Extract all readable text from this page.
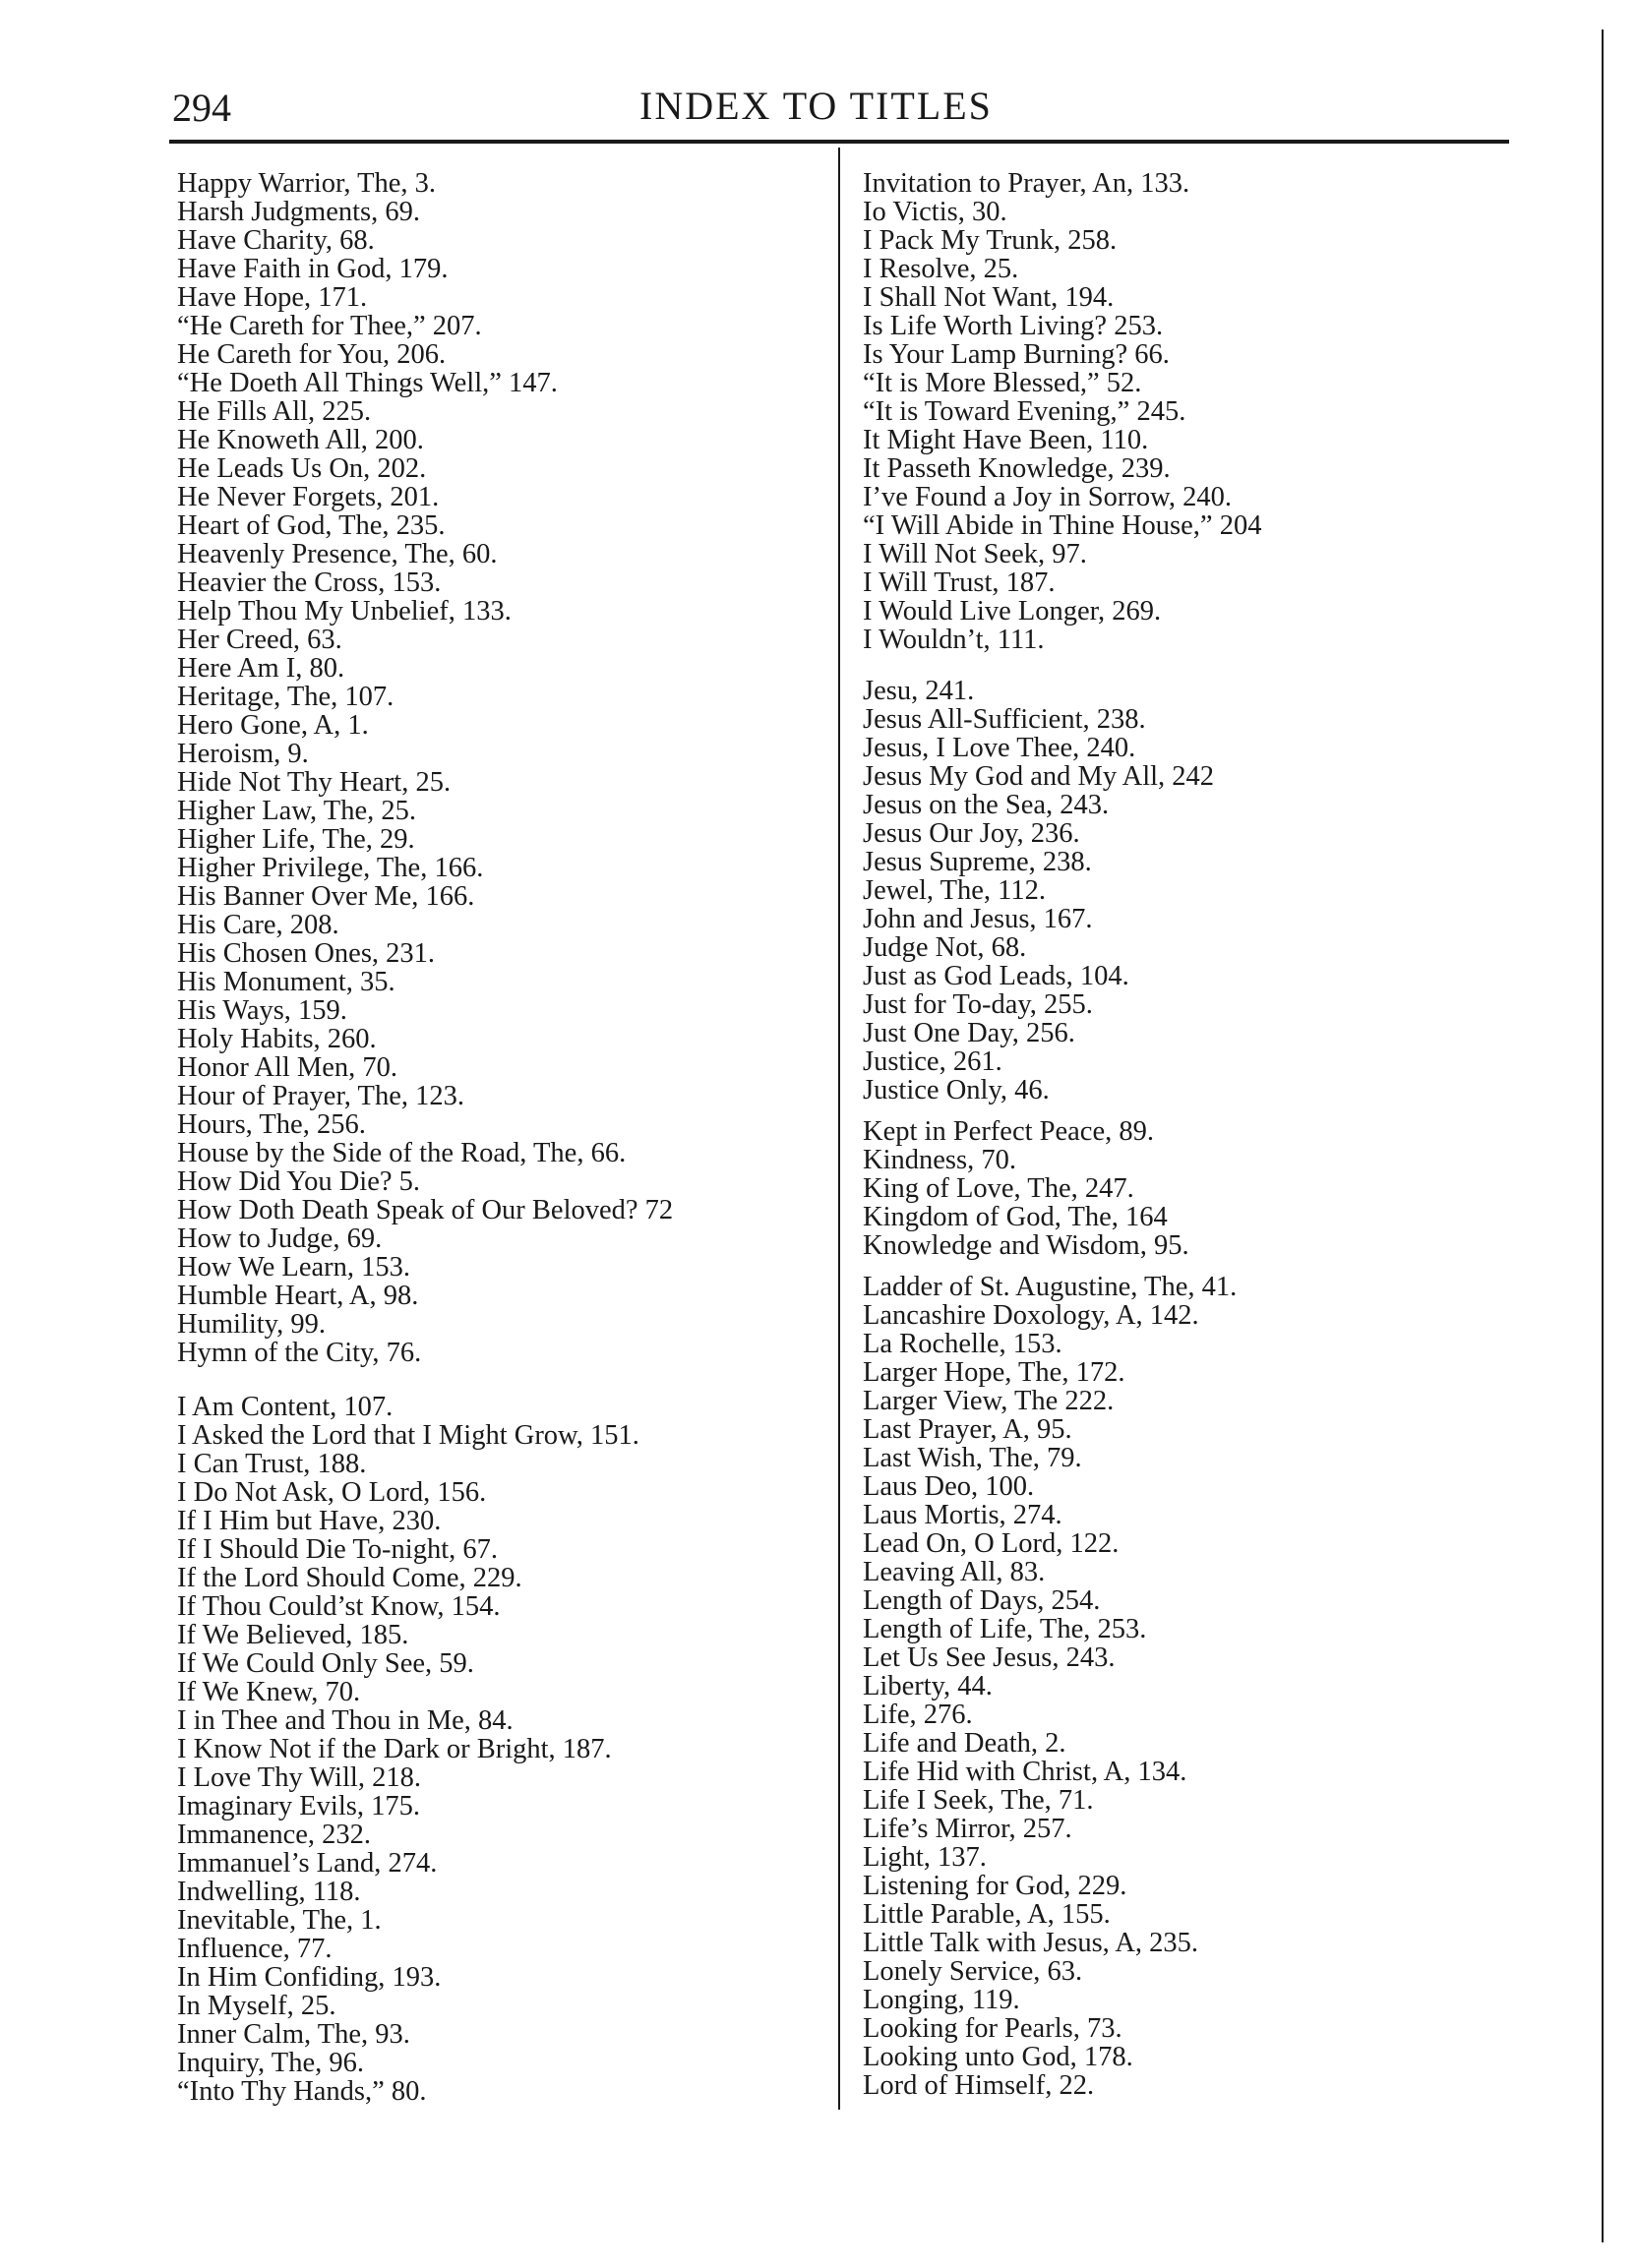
294	INDEX TO TITLES
Happy Warrior, The, 3.
Harsh Judgments, 69.
Have Charity, 68.
Have Faith in God, 179.
Have Hope, 171.
“He Careth for Thee,” 207.
He Careth for You, 206.
“He Doeth All Things Well,” 147.
He Fills All, 225.
He Knoweth All, 200.
He Leads Us On, 202.
He Never Forgets, 201.
Heart of God, The, 235.
Heavenly Presence, The, 60.
Heavier the Cross, 153.
Help Thou My Unbelief, 133.
Her Creed, 63.
Here Am I, 80.
Heritage, The, 107.
Hero Gone, A, 1.
Heroism, 9.
Hide Not Thy Heart, 25.
Higher Law, The, 25.
Higher Life, The, 29.
Higher Privilege, The, 166.
His Banner Over Me, 166.
His Care, 208.
His Chosen Ones, 231.
His Monument, 35.
His Ways, 159.
Holy Habits, 260.
Honor All Men, 70.
Hour of Prayer, The, 123.
Hours, The, 256.
House by the Side of the Road, The, 66.
How Did You Die? 5.
How Doth Death Speak of Our Beloved? 72
How to Judge, 69.
How We Learn, 153.
Humble Heart, A, 98.
Humility, 99.
Hymn of the City, 76.
I Am Content, 107.
I Asked the Lord that I Might Grow, 151.
I Can Trust, 188.
I Do Not Ask, O Lord, 156.
If I Him but Have, 230.
If I Should Die To-night, 67.
If the Lord Should Come, 229.
If Thou Could’st Know, 154.
If We Believed, 185.
If We Could Only See, 59.
If We Knew, 70.
I in Thee and Thou in Me, 84.
I Know Not if the Dark or Bright, 187.
I Love Thy Will, 218.
Imaginary Evils, 175.
Immanence, 232.
Immanuel’s Land, 274.
Indwelling, 118.
Inevitable, The, 1.
Influence, 77.
In Him Confiding, 193.
In Myself, 25.
Inner Calm, The, 93.
Inquiry, The, 96.
“Into Thy Hands,” 80.
Invitation to Prayer, An, 133.
Io Victis, 30.
I Pack My Trunk, 258.
I Resolve, 25.
I Shall Not Want, 194.
Is Life Worth Living? 253.
Is Your Lamp Burning? 66.
“It is More Blessed,” 52.
“It is Toward Evening,” 245.
It Might Have Been, 110.
It Passeth Knowledge, 239.
I’ve Found a Joy in Sorrow, 240.
“I Will Abide in Thine House,” 204
I Will Not Seek, 97.
I Will Trust, 187.
I Would Live Longer, 269.
I Wouldn’t, 111.
Jesu, 241.
Jesus All-Sufficient, 238.
Jesus, I Love Thee, 240.
Jesus My God and My All, 242
Jesus on the Sea, 243.
Jesus Our Joy, 236.
Jesus Supreme, 238.
Jewel, The, 112.
John and Jesus, 167.
Judge Not, 68.
Just as God Leads, 104.
Just for To-day, 255.
Just One Day, 256.
Justice, 261.
Justice Only, 46.
Kept in Perfect Peace, 89.
Kindness, 70.
King of Love, The, 247.
Kingdom of God, The, 164
Knowledge and Wisdom, 95.
Ladder of St. Augustine, The, 41.
Lancashire Doxology, A, 142.
La Rochelle, 153.
Larger Hope, The, 172.
Larger View, The 222.
Last Prayer, A, 95.
Last Wish, The, 79.
Laus Deo, 100.
Laus Mortis, 274.
Lead On, O Lord, 122.
Leaving All, 83.
Length of Days, 254.
Length of Life, The, 253.
Let Us See Jesus, 243.
Liberty, 44.
Life, 276.
Life and Death, 2.
Life Hid with Christ, A, 134.
Life I Seek, The, 71.
Life’s Mirror, 257.
Light, 137.
Listening for God, 229.
Little Parable, A, 155.
Little Talk with Jesus, A, 235.
Lonely Service, 63.
Longing, 119.
Looking for Pearls, 73.
Looking unto God, 178.
Lord of Himself, 22.
